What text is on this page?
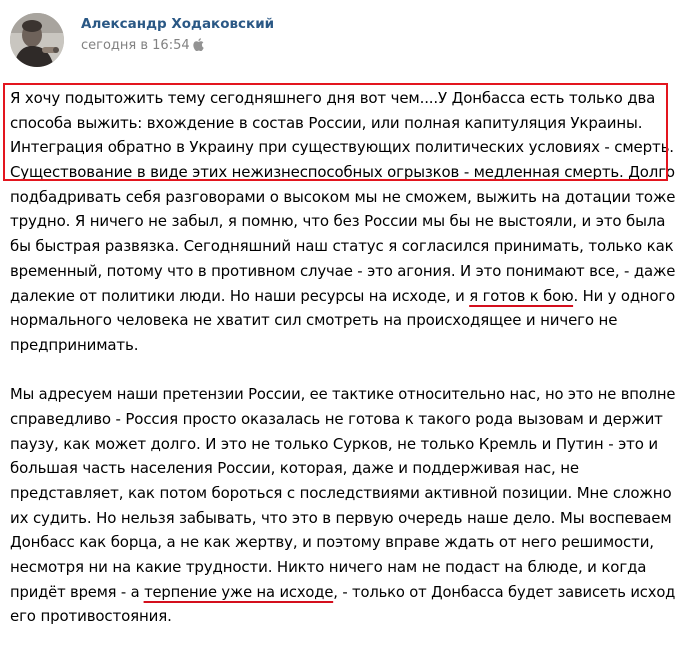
Александр Ходаковский
сегодня в 16:54
Я хочу подытожить тему сегодняшнего дня вот чем....У Донбасса есть только два
способа выжить: вхождение в состав России, или полная капитуляция Украины.
Интеграция обратно в Украину при существующих политических условиях - смерть.
Существование в виде этих нежизнеспособных огрызков - медленная смерть. Долго
подбадривать себя разговорами о высоком мы не сможем, выжить на дотации тоже
трудно. Я ничего не забыл, я помню, что без России мы бы не выстояли, и это была
бы быстрая развязка. Сегодняшний наш статус я согласился принимать, только как
временный, потому что в противном случае - это агония. И это понимают все, - даже
далекие от политики люди. Но наши ресурсы на исходе, и я готов к бою. Ни у одного
нормального человека не хватит сил смотреть на происходящее и ничего не
предпринимать.
Мы адресуем наши претензии России, ее тактике относительно нас, но это не вполне
справедливо - Россия просто оказалась не готова к такого рода вызовам и держит
паузу, как может долго. И это не только Сурков, не только Кремль и Путин - это и
большая часть населения России, которая, даже и поддерживая нас, не
представляет, как потом бороться с последствиями активной позиции. Мне сложно
их судить. Но нельзя забывать, что это в первую очередь наше дело. Мы воспеваем
Донбасс как борца, а не как жертву, и поэтому вправе ждать от него решимости,
несмотря ни на какие трудности. Никто ничего нам не подаст на блюде, и когда
придёт время - а терпение уже на исходе, - только от Донбасса будет зависеть исход
его противостояния.
